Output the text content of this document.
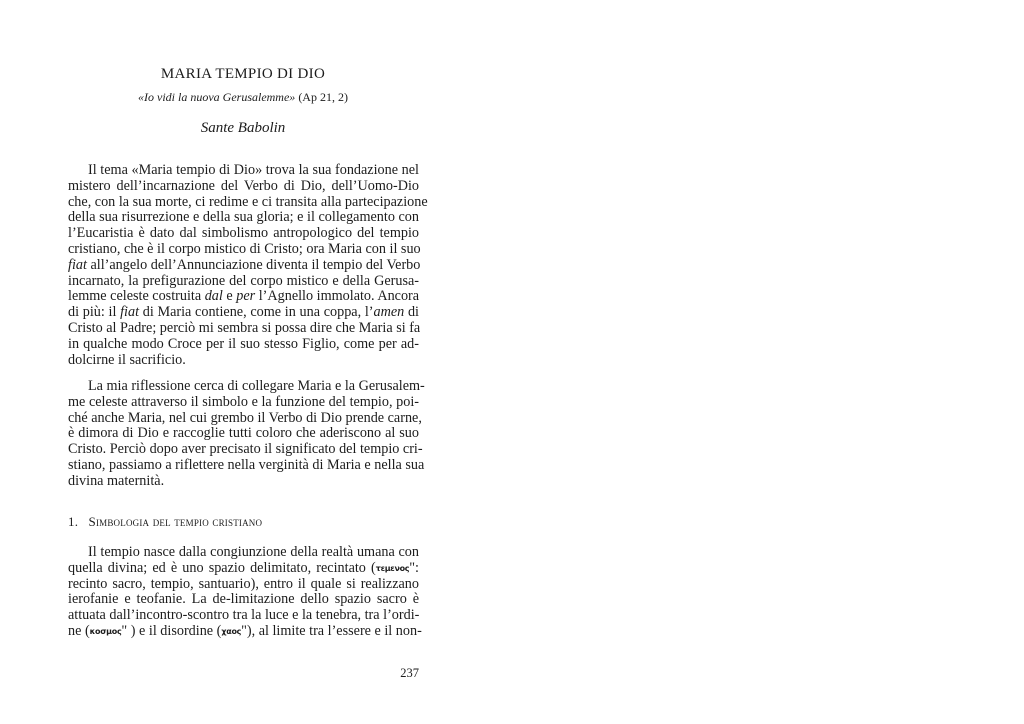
MARIA TEMPIO DI DIO
«Io vidi la nuova Gerusalemme» (Ap 21, 2)
Sante Babolin
Il tema «Maria tempio di Dio» trova la sua fondazione nel
mistero dell’incarnazione del Verbo di Dio, dell’Uomo-Dio
che, con la sua morte, ci redime e ci transita alla partecipazione
della sua risurrezione e della sua gloria; e il collegamento con
l’Eucaristia è dato dal simbolismo antropologico del tempio
cristiano, che è il corpo mistico di Cristo; ora Maria con il suo
fiat all’angelo dell’Annunciazione diventa il tempio del Verbo
incarnato, la prefigurazione del corpo mistico e della Gerusa-
lemme celeste costruita dal e per l’Agnello immolato. Ancora
di più: il fiat di Maria contiene, come in una coppa, l’amen di
Cristo al Padre; perciò mi sembra si possa dire che Maria si fa
in qualche modo Croce per il suo stesso Figlio, come per ad-
dolcirne il sacrificio.
La mia riflessione cerca di collegare Maria e la Gerusalem-
me celeste attraverso il simbolo e la funzione del tempio, poi-
ché anche Maria, nel cui grembo il Verbo di Dio prende carne,
è dimora di Dio e raccoglie tutti coloro che aderiscono al suo
Cristo. Perciò dopo aver precisato il significato del tempio cri-
stiano, passiamo a riflettere nella verginità di Maria e nella sua
divina maternità.
1. Simbologia del tempio cristiano
Il tempio nasce dalla congiunzione della realtà umana con
quella divina; ed è uno spazio delimitato, recintato (τεμενος":
recinto sacro, tempio, santuario), entro il quale si realizzano
ierofanie e teofanie. La de-limitazione dello spazio sacro è
attuata dall’incontro-scontro tra la luce e la tenebra, tra l’ordi-
ne (κοσμος" ) e il disordine (χαος"), al limite tra l’essere e il non-
237
